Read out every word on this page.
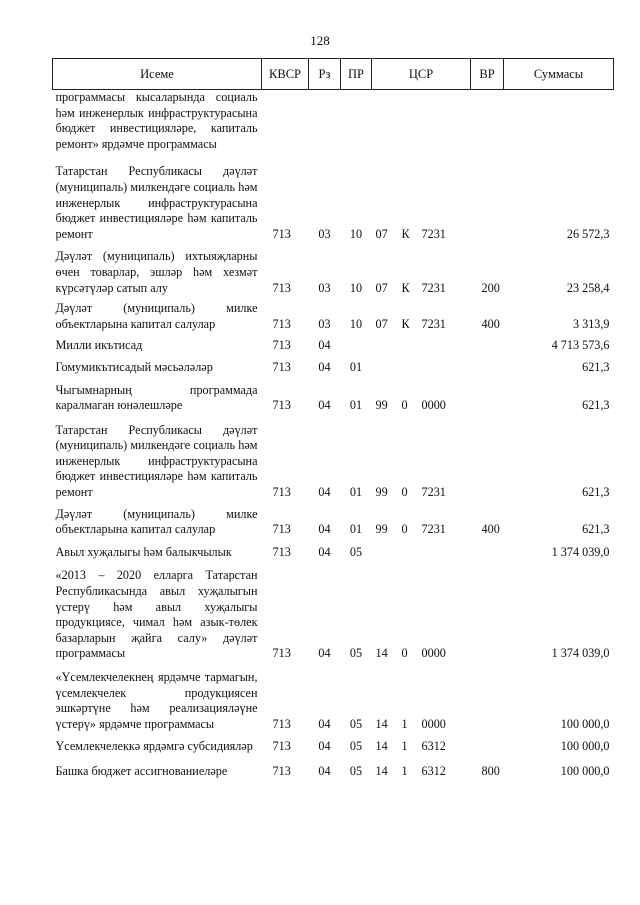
128
Исеме	КВСР	Рз	ПР	ЦСР			ВР	Суммасы
программасы кысаларында социаль һәм инженерлык инфраструктурасына бюджет инвестицияләре, капиталь ремонт» ярдәмче программасы								
Татарстан Республикасы дәүләт (муниципаль) милкендәге социаль һәм инженерлык инфраструктурасына бюджет инвестицияләре һәм капиталь ремонт	713	03	10	07	К	7231		26 572,3
Дәүләт (муниципаль) ихтыяҗларны өчен товарлар, эшләр һәм хезмәт күрсәтүләр сатып алу	713	03	10	07	К	7231	200	23 258,4
Дәүләт (муниципаль) милке объектларына капитал салулар	713	03	10	07	К	7231	400	3 313,9
Милли икътисад	713	04						4 713 573,6
Гомумикътисадый мәсьәләләр	713	04	01					621,3
Чыгымнарның программада каралмаган юнәлешләре	713	04	01	99	0	0000		621,3
Татарстан Республикасы дәүләт (муниципаль) милкендәге социаль һәм инженерлык инфраструктурасына бюджет инвестицияләре һәм капиталь ремонт	713	04	01	99	0	7231		621,3
Дәүләт (муниципаль) милке объектларына капитал салулар	713	04	01	99	0	7231	400	621,3
Авыл хуҗалыгы һәм балыкчылык	713	04	05					1 374 039,0
«2013 – 2020 елларга Татарстан Республикасында авыл хуҗалыгын үстерү һәм авыл хуҗалыгы продукциясе, чимал һәм азык-төлек базарларын җайга салу» дәүләт программасы	713	04	05	14	0	0000		1 374 039,0
«Үсемлекчелекнең ярдәмче тармагын, үсемлекчелек продукциясен эшкәртүне һәм реализацияләүне үстерү» ярдәмче программасы	713	04	05	14	1	0000		100 000,0
Үсемлекчелеккә ярдәмгә субсидияләр	713	04	05	14	1	6312		100 000,0
Башка бюджет ассигнованиеләре	713	04	05	14	1	6312	800	100 000,0
